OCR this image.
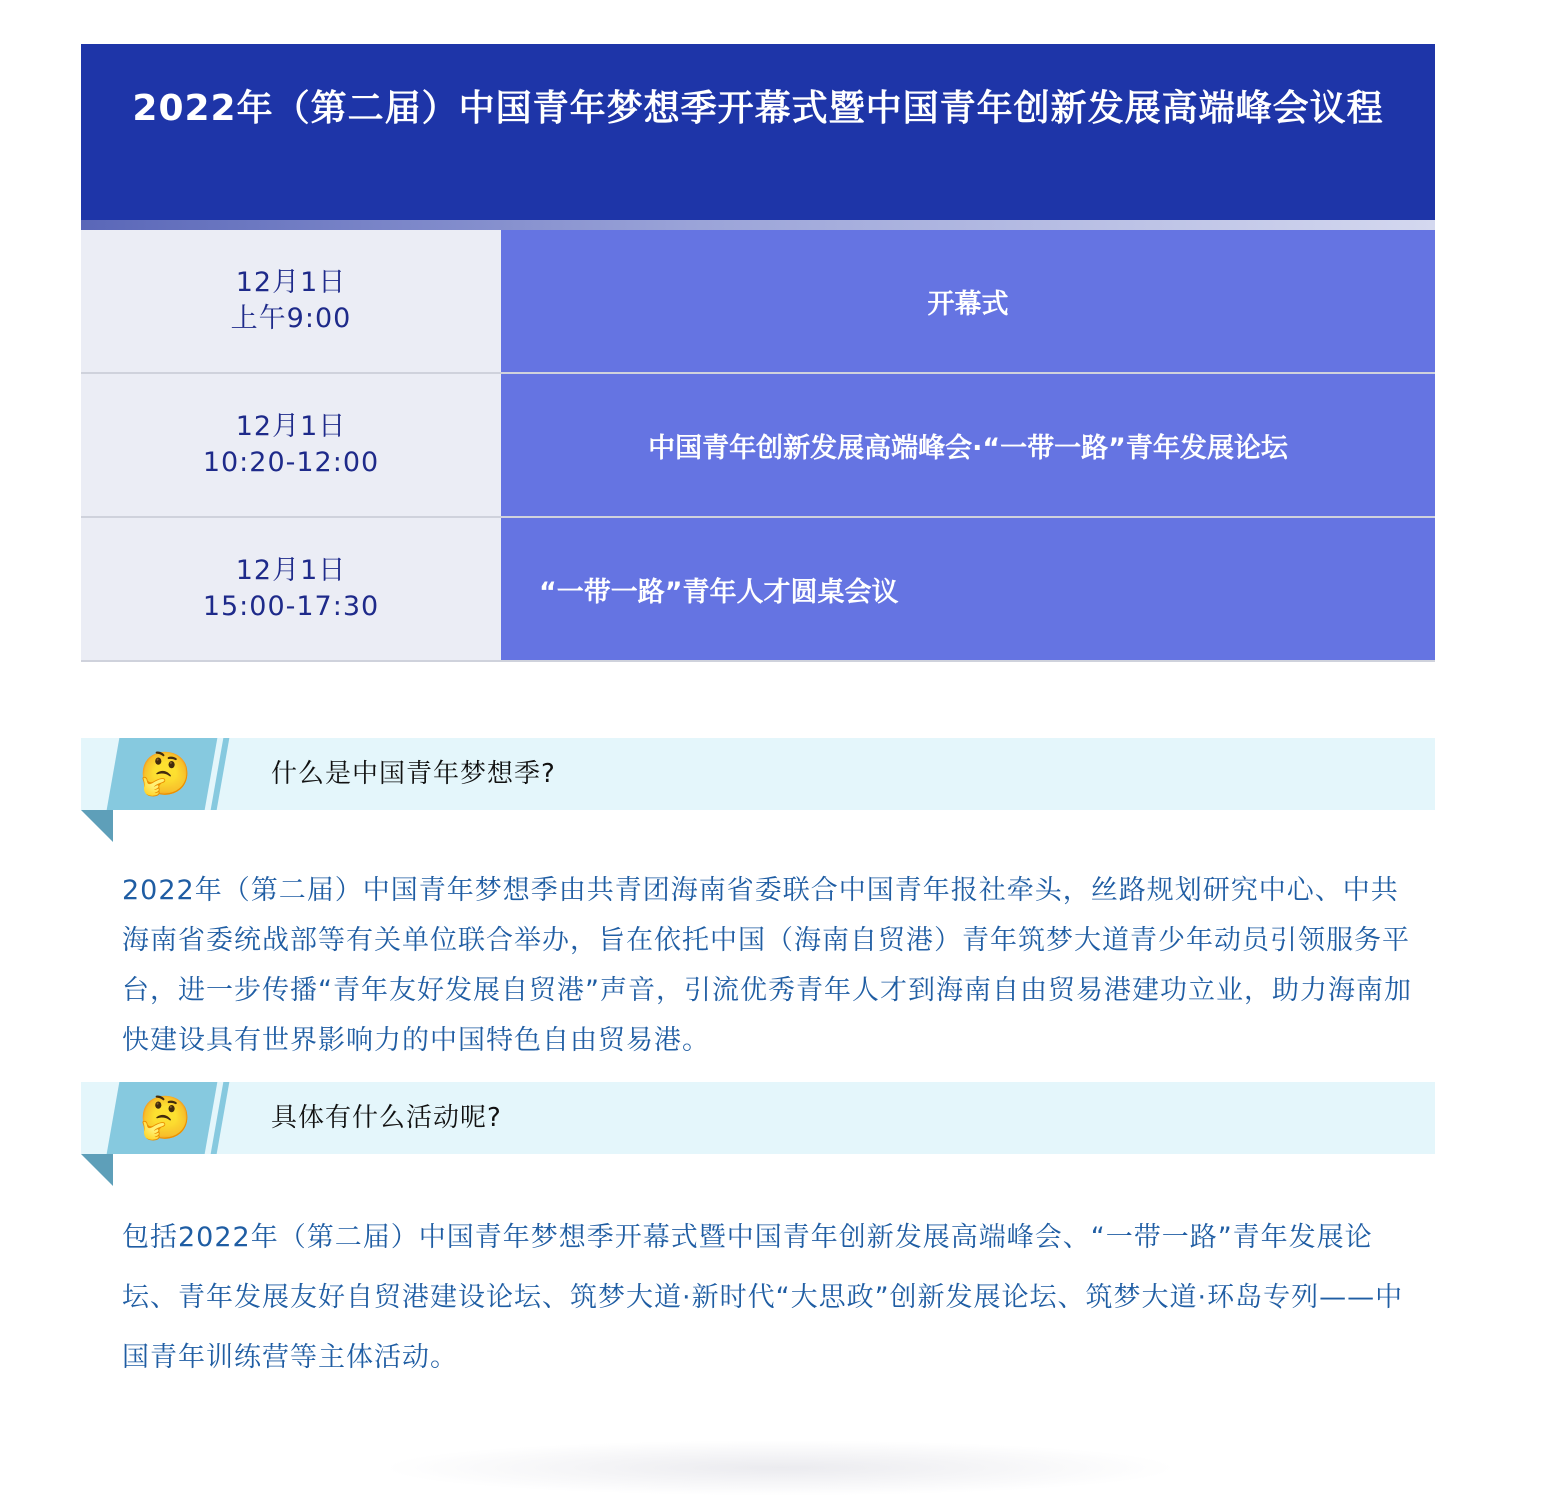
2022年（第二届）中国青年梦想季开幕式暨中国青年创新发展高端峰会议程
12月1日
上午9:00	开幕式
12月1日
10:20-12:00	中国青年创新发展高端峰会·“一带一路”青年发展论坛
12月1日
15:00-17:30	“一带一路”青年人才圆桌会议
🤔	什么是中国青年梦想季?
2022年（第二届）中国青年梦想季由共青团海南省委联合中国青年报社牵头，丝路规划研究中心、中共海南省委统战部等有关单位联合举办，旨在依托中国（海南自贸港）青年筑梦大道青少年动员引领服务平台，进一步传播“青年友好发展自贸港”声音，引流优秀青年人才到海南自由贸易港建功立业，助力海南加快建设具有世界影响力的中国特色自由贸易港。
🤔	具体有什么活动呢?
包括2022年（第二届）中国青年梦想季开幕式暨中国青年创新发展高端峰会、“一带一路”青年发展论坛、青年发展友好自贸港建设论坛、筑梦大道·新时代“大思政”创新发展论坛、筑梦大道·环岛专列——中国青年训练营等主体活动。
